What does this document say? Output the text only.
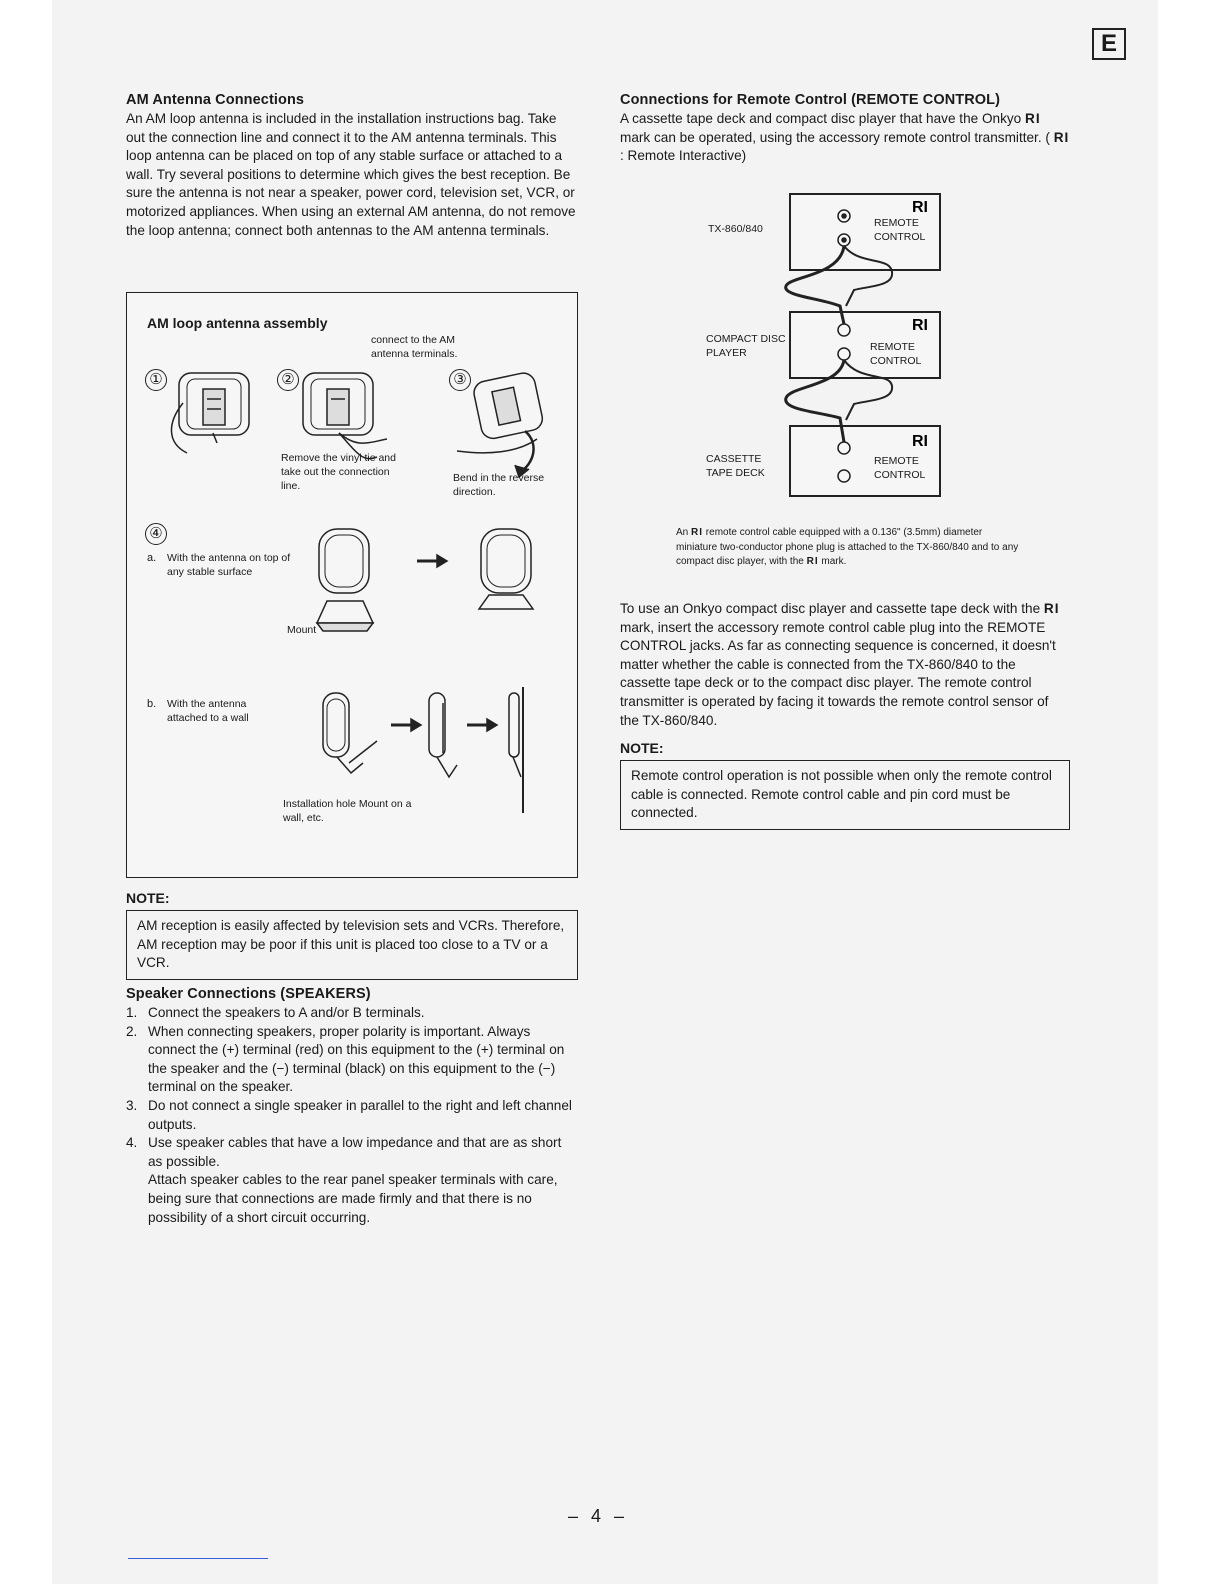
E
AM Antenna Connections

An AM loop antenna is included in the installation instructions bag. Take out the connection line and connect it to the AM antenna terminals. This loop antenna can be placed on top of any stable surface or attached to a wall. Try several positions to determine which gives the best reception. Be sure the antenna is not near a speaker, power cord, television set, VCR, or motorized appliances. When using an external AM antenna, do not remove the loop antenna; connect both antennas to the AM antenna terminals.

AM loop antenna assembly
connect to the AM antenna terminals.
①	②	③
Remove the vinyl tie and take out the connection line.
Bend in the reverse direction.
④
a. With the antenna on top of any stable surface
Mount
b. With the antenna attached to a wall
Installation hole Mount on a wall, etc.
NOTE:
AM reception is easily affected by television sets and VCRs. Therefore, AM reception may be poor if this unit is placed too close to a TV or a VCR.
Speaker Connections (SPEAKERS)
1. Connect the speakers to A and/or B terminals.
2. When connecting speakers, proper polarity is important. Always connect the (+) terminal (red) on this equipment to the (+) terminal on the speaker and the (−) terminal (black) on this equipment to the (−) terminal on the speaker.
3. Do not connect a single speaker in parallel to the right and left channel outputs.
4. Use speaker cables that have a low impedance and that are as short as possible.
Attach speaker cables to the rear panel speaker terminals with care, being sure that connections are made firmly and that there is no possibility of a short circuit occurring.
Connections for Remote Control (REMOTE CONTROL)

A cassette tape deck and compact disc player that have the Onkyo RI mark can be operated, using the accessory remote control transmitter. ( RI : Remote Interactive)

RI
RI
RI
TX-860/840	REMOTE CONTROL
COMPACT DISC PLAYER	REMOTE CONTROL
CASSETTE TAPE DECK
REMOTE CONTROL
An RI remote control cable equipped with a 0.136" (3.5mm) diameter miniature two-conductor phone plug is attached to the TX-860/840 and to any compact disc player, with the RI mark.

To use an Onkyo compact disc player and cassette tape deck with the RI mark, insert the accessory remote control cable plug into the REMOTE CONTROL jacks. As far as connecting sequence is concerned, it doesn't matter whether the cable is connected from the TX-860/840 to the cassette tape deck or to the compact disc player. The remote control transmitter is operated by facing it towards the remote control sensor of the TX-860/840.

NOTE:
Remote control operation is not possible when only the remote control cable is connected. Remote control cable and pin cord must be connected.
– 4 –
